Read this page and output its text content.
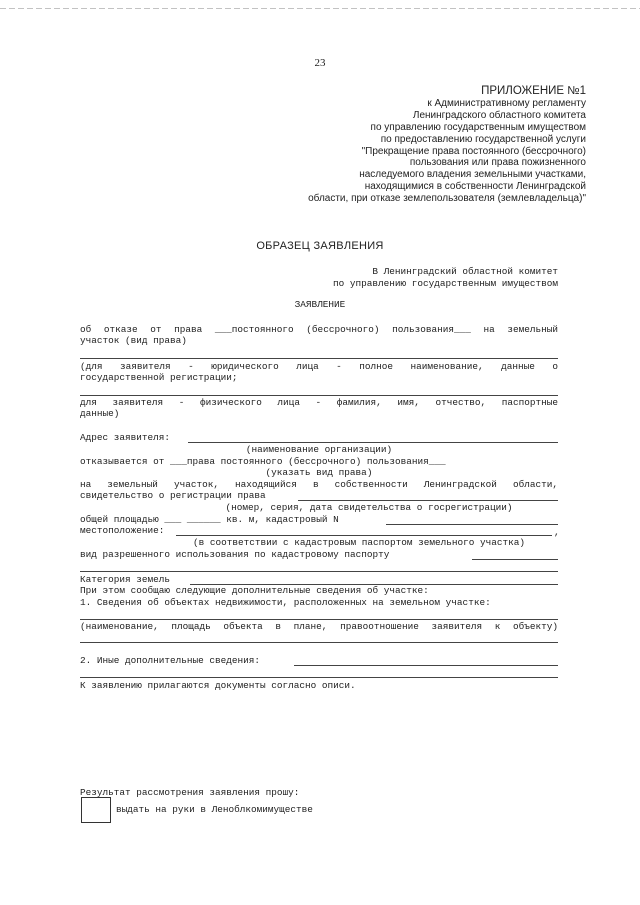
23
ПРИЛОЖЕНИЕ №1
к Административному регламенту
Ленинградского областного комитета
по управлению государственным имуществом
по предоставлению государственной услуги
"Прекращение права постоянного (бессрочного)
пользования или права пожизненного
наследуемого владения земельными участками,
находящимися в собственности Ленинградской
области, при отказе землепользователя (землевладельца)"
ОБРАЗЕЦ ЗАЯВЛЕНИЯ
В Ленинградский областной комитет
по управлению государственным имуществом
ЗАЯВЛЕНИЕ

об отказе от права ___постоянного (бессрочного) пользования___ на земельный

участок (вид права)

(для заявителя - юридического лица - полное наименование, данные о

государственной регистрации;

для заявителя - физического лица - фамилия, имя, отчество, паспортные

данные)

Адрес заявителя:

(наименование организации)

отказывается от ___права постоянного (бессрочного) пользования___

(указать вид права)

на земельный участок, находящийся в собственности Ленинградской области,

свидетельство о регистрации права

(номер, серия, дата свидетельства о госрегистрации)

общей площадью ___ ______ кв. м, кадастровый N

местоположение:

	,

(в соответствии с кадастровым паспортом земельного участка)

вид разрешенного использования по кадастровому паспорту

Категория земель

При этом сообщаю следующие дополнительные сведения об участке:

1. Сведения об объектах недвижимости, расположенных на земельном участке:

(наименование, площадь объекта в плане, правоотношение заявителя к объекту)

2. Иные дополнительные сведения:

К заявлению прилагаются документы согласно описи.

Результат рассмотрения заявления прошу:
выдать на руки в Леноблкомимуществе
